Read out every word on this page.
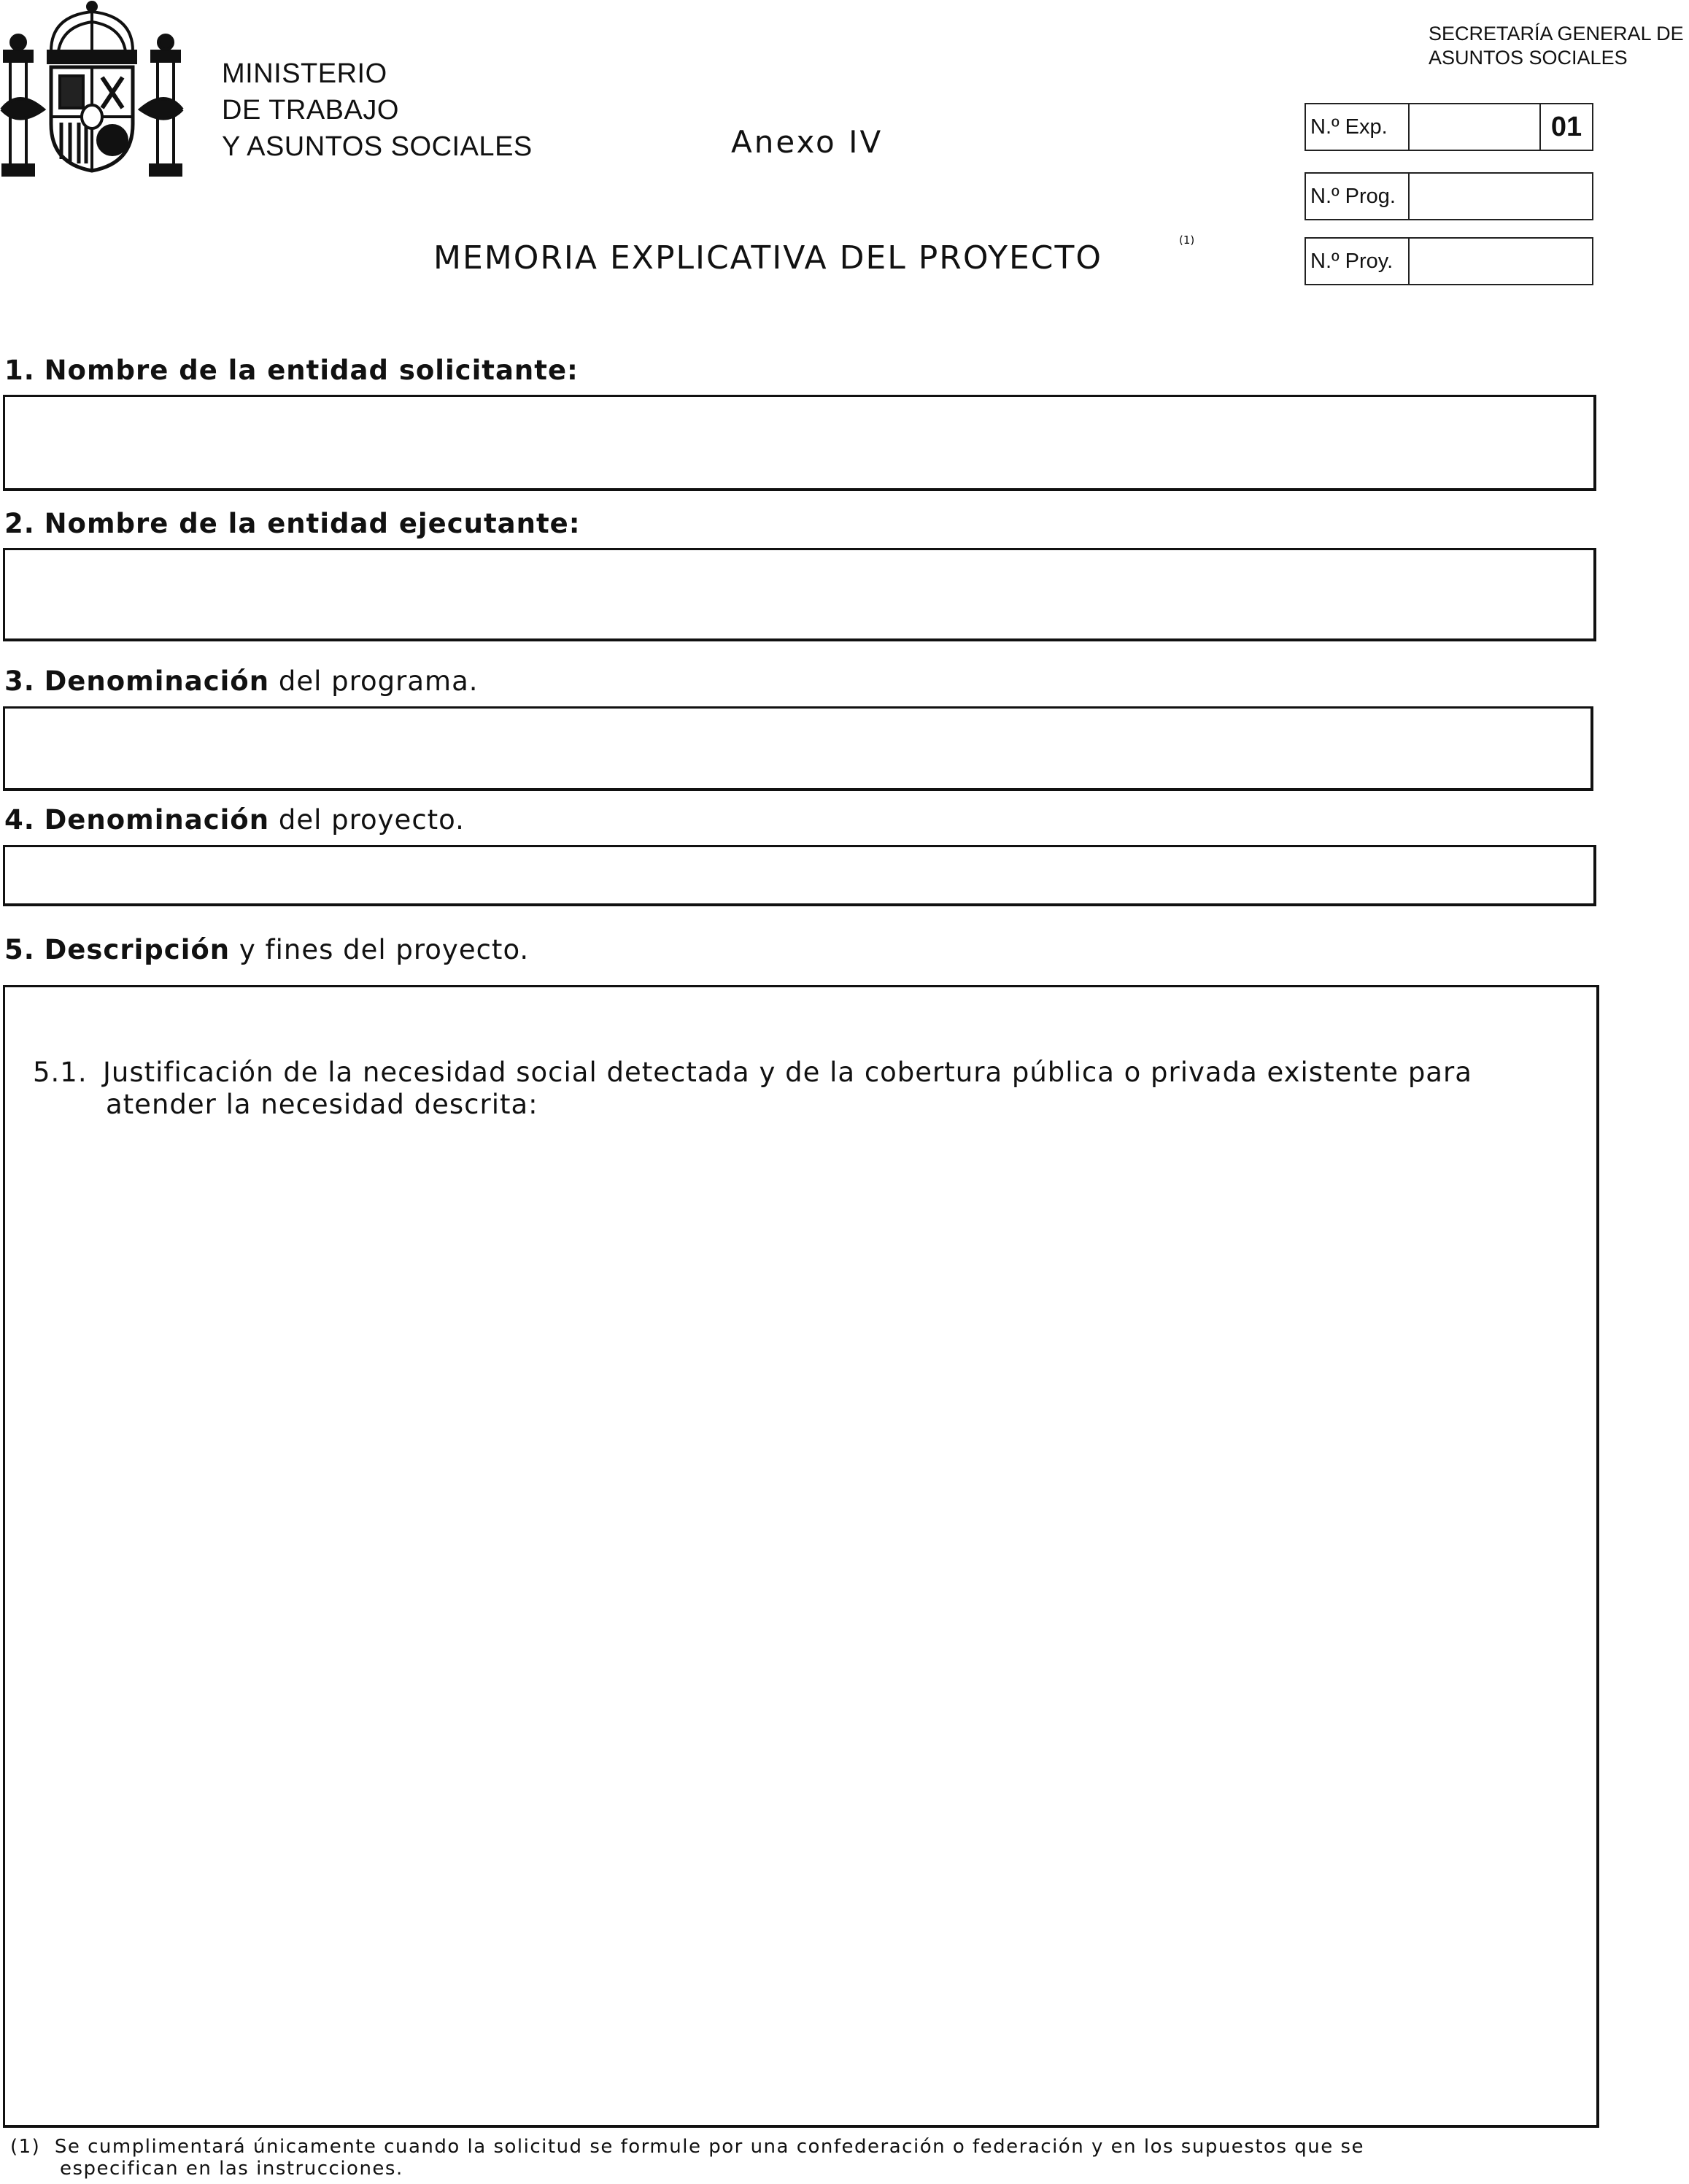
MINISTERIO
DE TRABAJO
Y ASUNTOS SOCIALES	Anexo IV
SECRETARÍA GENERAL DE
ASUNTOS SOCIALES
N.º Exp.	01
N.º Prog.
N.º Proy.
MEMORIA EXPLICATIVA DEL PROYECTO	(1)
1. Nombre de la entidad solicitante:
2. Nombre de la entidad ejecutante:
3. Denominación del programa.
4. Denominación del proyecto.
5. Descripción y fines del proyecto.
5.1. Justificación de la necesidad social detectada y de la cobertura pública o privada existente para
atender la necesidad descrita:
(1) Se cumplimentará únicamente cuando la solicitud se formule por una confederación o federación y en los supuestos que se
especifican en las instrucciones.
